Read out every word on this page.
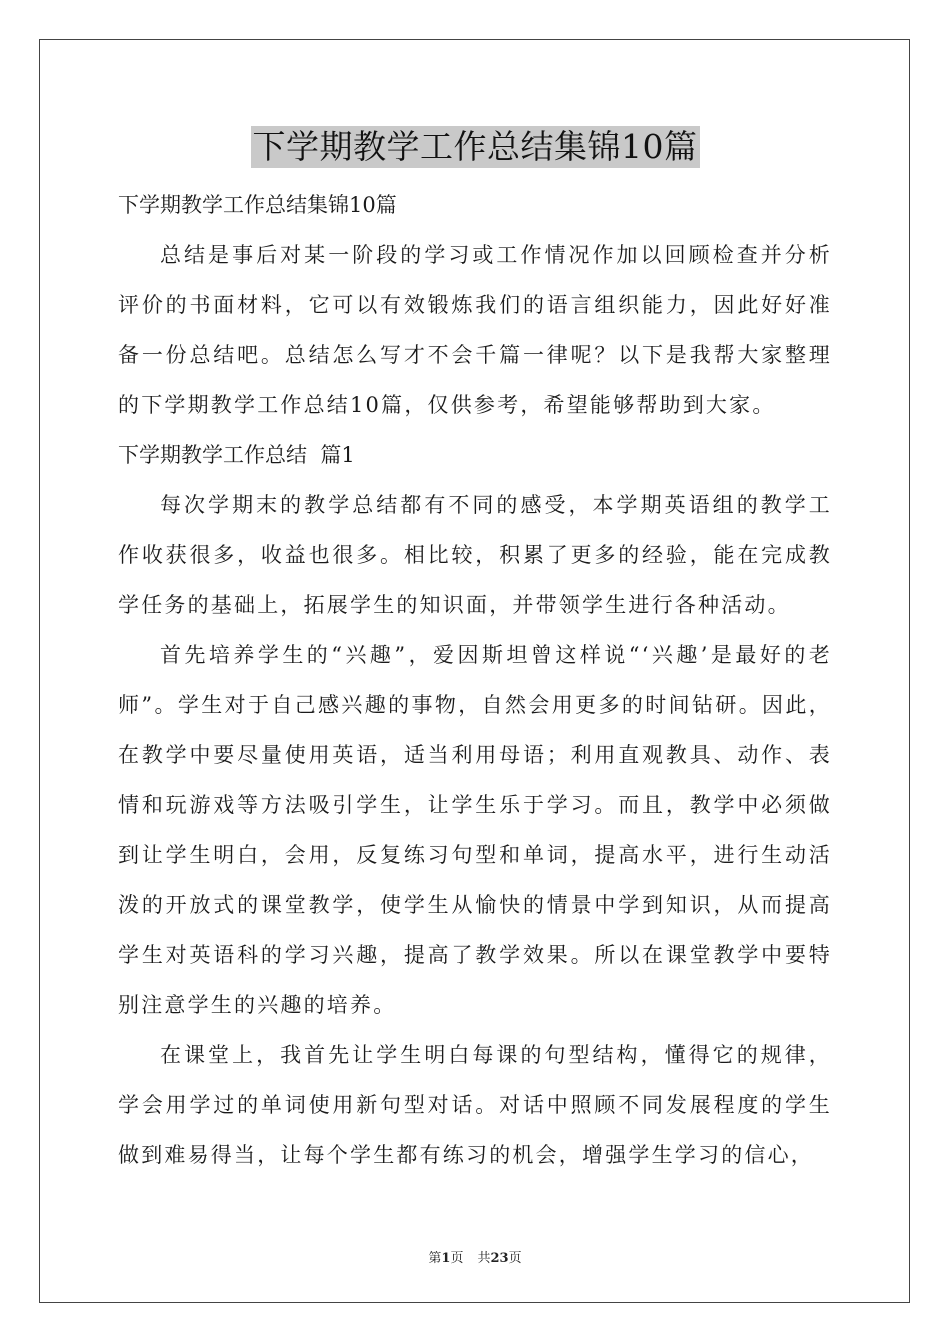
下学期教学工作总结集锦10篇

下学期教学工作总结集锦10篇

总结是事后对某一阶段的学习或工作情况作加以回顾检查并分析评价的书面材料，它可以有效锻炼我们的语言组织能力，因此好好准备一份总结吧。总结怎么写才不会千篇一律呢？以下是我帮大家整理的下学期教学工作总结10篇，仅供参考，希望能够帮助到大家。

下学期教学工作总结  篇1

每次学期末的教学总结都有不同的感受，本学期英语组的教学工作收获很多，收益也很多。相比较，积累了更多的经验，能在完成教学任务的基础上，拓展学生的知识面，并带领学生进行各种活动。

首先培养学生的“兴趣”，爱因斯坦曾这样说“‘兴趣’是最好的老师”。学生对于自己感兴趣的事物，自然会用更多的时间钻研。因此，在教学中要尽量使用英语，适当利用母语；利用直观教具、动作、表情和玩游戏等方法吸引学生，让学生乐于学习。而且，教学中必须做到让学生明白，会用，反复练习句型和单词，提高水平，进行生动活泼的开放式的课堂教学，使学生从愉快的情景中学到知识，从而提高学生对英语科的学习兴趣，提高了教学效果。所以在课堂教学中要特别注意学生的兴趣的培养。

在课堂上，我首先让学生明白每课的句型结构，懂得它的规律，学会用学过的单词使用新句型对话。对话中照顾不同发展程度的学生做到难易得当，让每个学生都有练习的机会，增强学生学习的信心，

第1页 共23页
